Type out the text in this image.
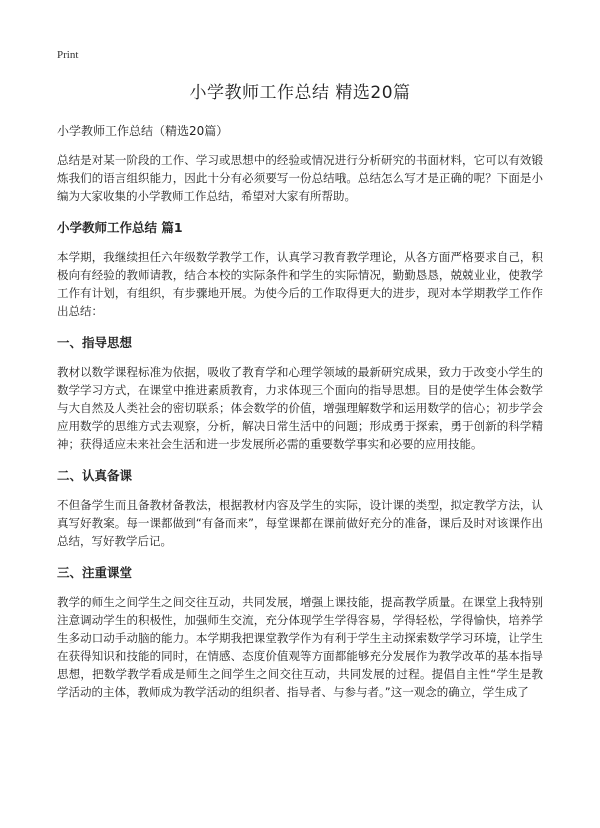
Print
小学教师工作总结 精选20篇

小学教师工作总结（精选20篇）

总结是对某一阶段的工作、学习或思想中的经验或情况进行分析研究的书面材料，它可以有效锻炼我们的语言组织能力，因此十分有必须要写一份总结哦。总结怎么写才是正确的呢？下面是小编为大家收集的小学教师工作总结，希望对大家有所帮助。

小学教师工作总结 篇1

本学期，我继续担任六年级数学教学工作，认真学习教育教学理论，从各方面严格要求自己，积极向有经验的教师请教，结合本校的实际条件和学生的实际情况，勤勤恳恳，兢兢业业，使教学工作有计划，有组织，有步骤地开展。为使今后的工作取得更大的进步，现对本学期教学工作作出总结：

一、指导思想

教材以数学课程标准为依据，吸收了教育学和心理学领域的最新研究成果，致力于改变小学生的数学学习方式，在课堂中推进素质教育，力求体现三个面向的指导思想。目的是使学生体会数学与大自然及人类社会的密切联系；体会数学的价值，增强理解数学和运用数学的信心；初步学会应用数学的思维方式去观察，分析，解决日常生活中的问题；形成勇于探索，勇于创新的科学精神；获得适应未来社会生活和进一步发展所必需的重要数学事实和必要的应用技能。

二、认真备课

不但备学生而且备教材备教法，根据教材内容及学生的实际，设计课的类型，拟定教学方法，认真写好教案。每一课都做到“有备而来”，每堂课都在课前做好充分的准备，课后及时对该课作出总结，写好教学后记。

三、注重课堂

教学的师生之间学生之间交往互动，共同发展，增强上课技能，提高教学质量。在课堂上我特别注意调动学生的积极性，加强师生交流，充分体现学生学得容易，学得轻松，学得愉快，培养学生多动口动手动脑的能力。本学期我把课堂教学作为有利于学生主动探索数学学习环境，让学生在获得知识和技能的同时，在情感、态度价值观等方面都能够充分发展作为教学改革的基本指导思想，把数学教学看成是师生之间学生之间交往互动，共同发展的过程。提倡自主性“学生是教学活动的主体，教师成为教学活动的组织者、指导者、与参与者。”这一观念的确立，学生成了
